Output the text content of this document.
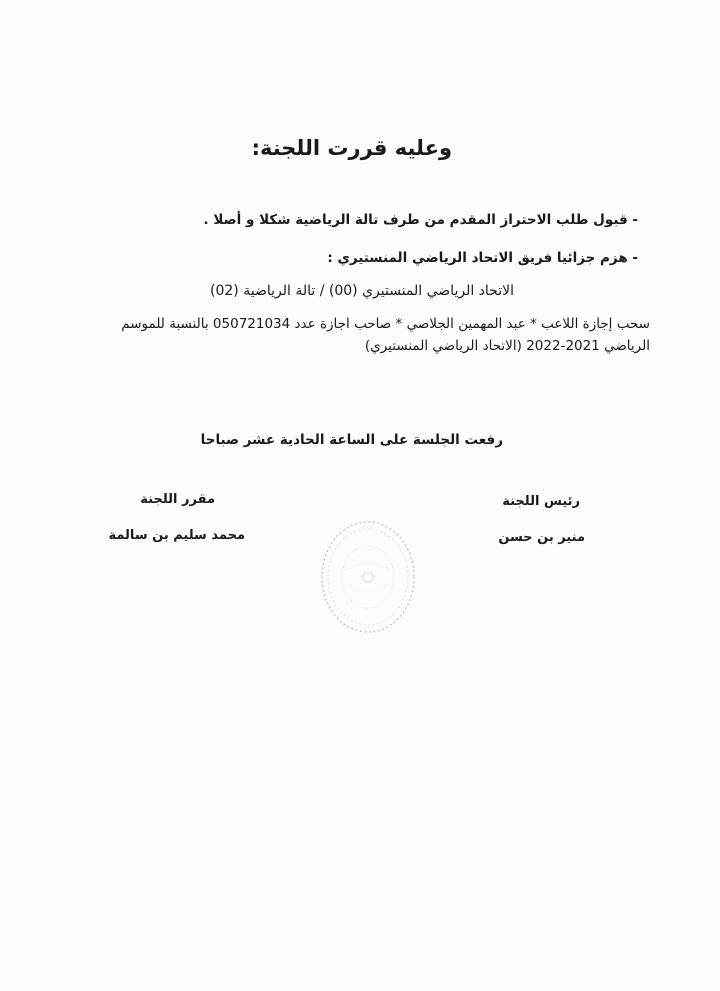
وعليه قررت اللجنة:
- قبول طلب الاحتراز المقدم من طرف تالة الرياضية شكلا و أصلا .
- هزم جزائيا فريق الاتحاد الرياضي المنستيري :
الاتحاد الرياضي المنستيري (00) / تالة الرياضية (02)
سحب إجازة اللاعب * عبد المهمين الجلاصي * صاحب اجازة عدد 050721034 بالنسبة للموسم
الرياضي 2021-2022 (الاتحاد الرياضي المنستيري)
رفعت الجلسة على الساعة الحادية عشر صباحا
رئيس اللجنة
منير بن حسن
مقرر اللجنة
محمد سليم بن سالمة
